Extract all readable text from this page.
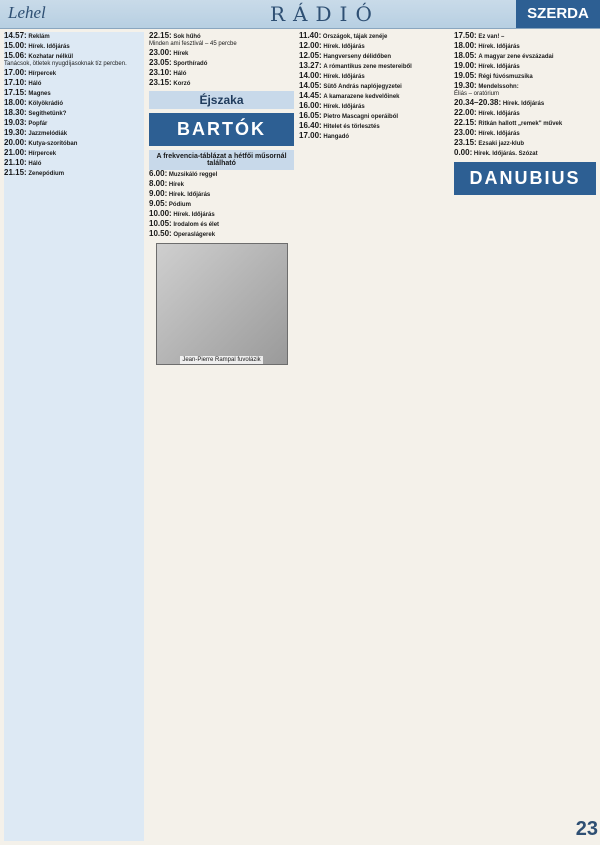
Lehel	RÁDIÓ	SZERDA
14.57: Reklám
15.00: Hírek. Időjárás
15.06: Kozhatar nélkül
Tanácsok, ötletek nyugdíjasoknak tíz percben.
17.00: Hírpercek
17.10: Háló
17.15: Magnes
18.00: Kölyökrádió
18.30: Segíthetünk?
19.03: Popfár
19.30: Jazzmelódiák
20.00: Kutya-szorítóban
21.00: Hírpercek
21.10: Háló
21.15: Zenepódium
22.15: Sok hűhó
Minden ami fesztivál – 45 percbe
23.00: Hírek
23.05: Sporthíradó
23.10: Háló
23.15: Korzó
Éjszaka
BARTÓK
A frekvencia-táblázat a hétfői műsornál található
6.00: Muzsikáló reggel
8.00: Hírek
9.00: Hírek. Időjárás
9.05: Pódium
10.00: Hírek. Időjárás
10.05: Irodalom és élet
10.50: Operaslágerek
Jean-Pierre Rampal fuvolázik
11.40: Országok, tájak zenéje
12.00: Hírek. Időjárás
12.05: Hangverseny délidőben
13.27: A rómantikus zene mestereiből
14.00: Hírek. Időjárás
14.05: Sütő András naplójegyzetei
14.45: A kamarazene kedvelőinek
16.00: Hírek. Időjárás
16.05: Pietro Mascagni operáiból
16.40: Hitelet és törlesztés
17.00: Hangadó
17.50: Ez van! –
18.00: Hírek. Időjárás
18.05: A magyar zene évszázadai
19.00: Hírek. Időjárás
19.05: Régi fúvósmuzsika
19.30: Mendelssohn:
Éliás – oratórium
20.34–20.38: Hírek. Időjárás
22.00: Hírek. Időjárás
22.15: Ritkán hallott „remek" művek
23.00: Hírek. Időjárás
23.15: Ezsaki jazz-klub
0.00: Hírek. Időjárás. Szózat
DANUBIUS
23
